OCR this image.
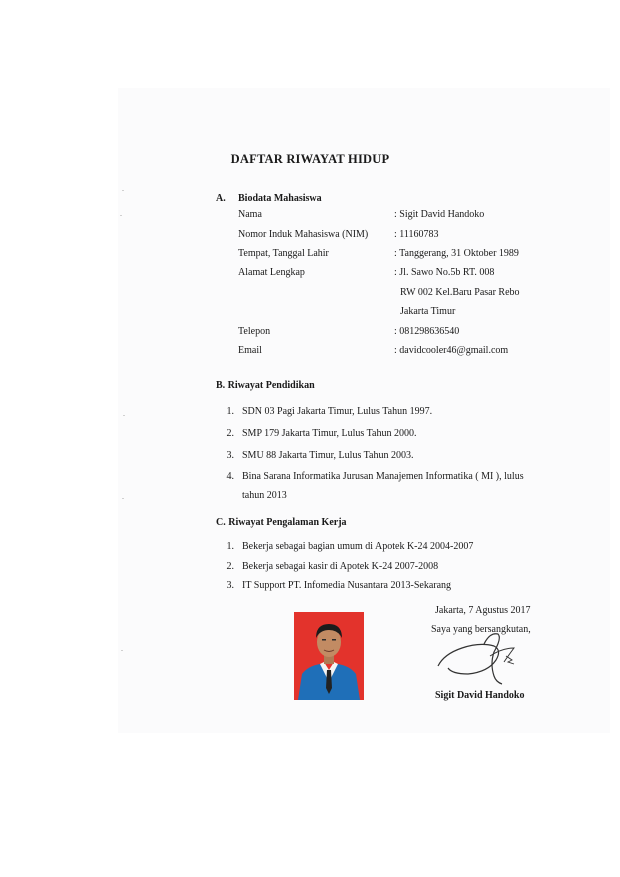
DAFTAR RIWAYAT HIDUP
A. Biodata Mahasiswa
Nama	: Sigit David Handoko
Nomor Induk Mahasiswa (NIM)	: 11160783
Tempat, Tanggal Lahir	: Tanggerang, 31 Oktober 1989
Alamat Lengkap	: Jl. Sawo No.5b RT. 008
RW 002 Kel.Baru Pasar Rebo
Jakarta Timur
Telepon	: 081298636540
Email	: davidcooler46@gmail.com
B. Riwayat Pendidikan
1. SDN 03 Pagi Jakarta Timur, Lulus Tahun 1997.
2. SMP 179 Jakarta Timur, Lulus Tahun 2000.
3. SMU 88 Jakarta Timur, Lulus Tahun 2003.
4. Bina Sarana Informatika Jurusan Manajemen Informatika ( MI ), lulus
tahun 2013
C. Riwayat Pengalaman Kerja
1. Bekerja sebagai bagian umum di Apotek K-24 2004-2007
2. Bekerja sebagai kasir di Apotek K-24 2007-2008
3. IT Support PT. Infomedia Nusantara 2013-Sekarang
Jakarta, 7 Agustus 2017
Saya yang bersangkutan,
Sigit David Handoko
